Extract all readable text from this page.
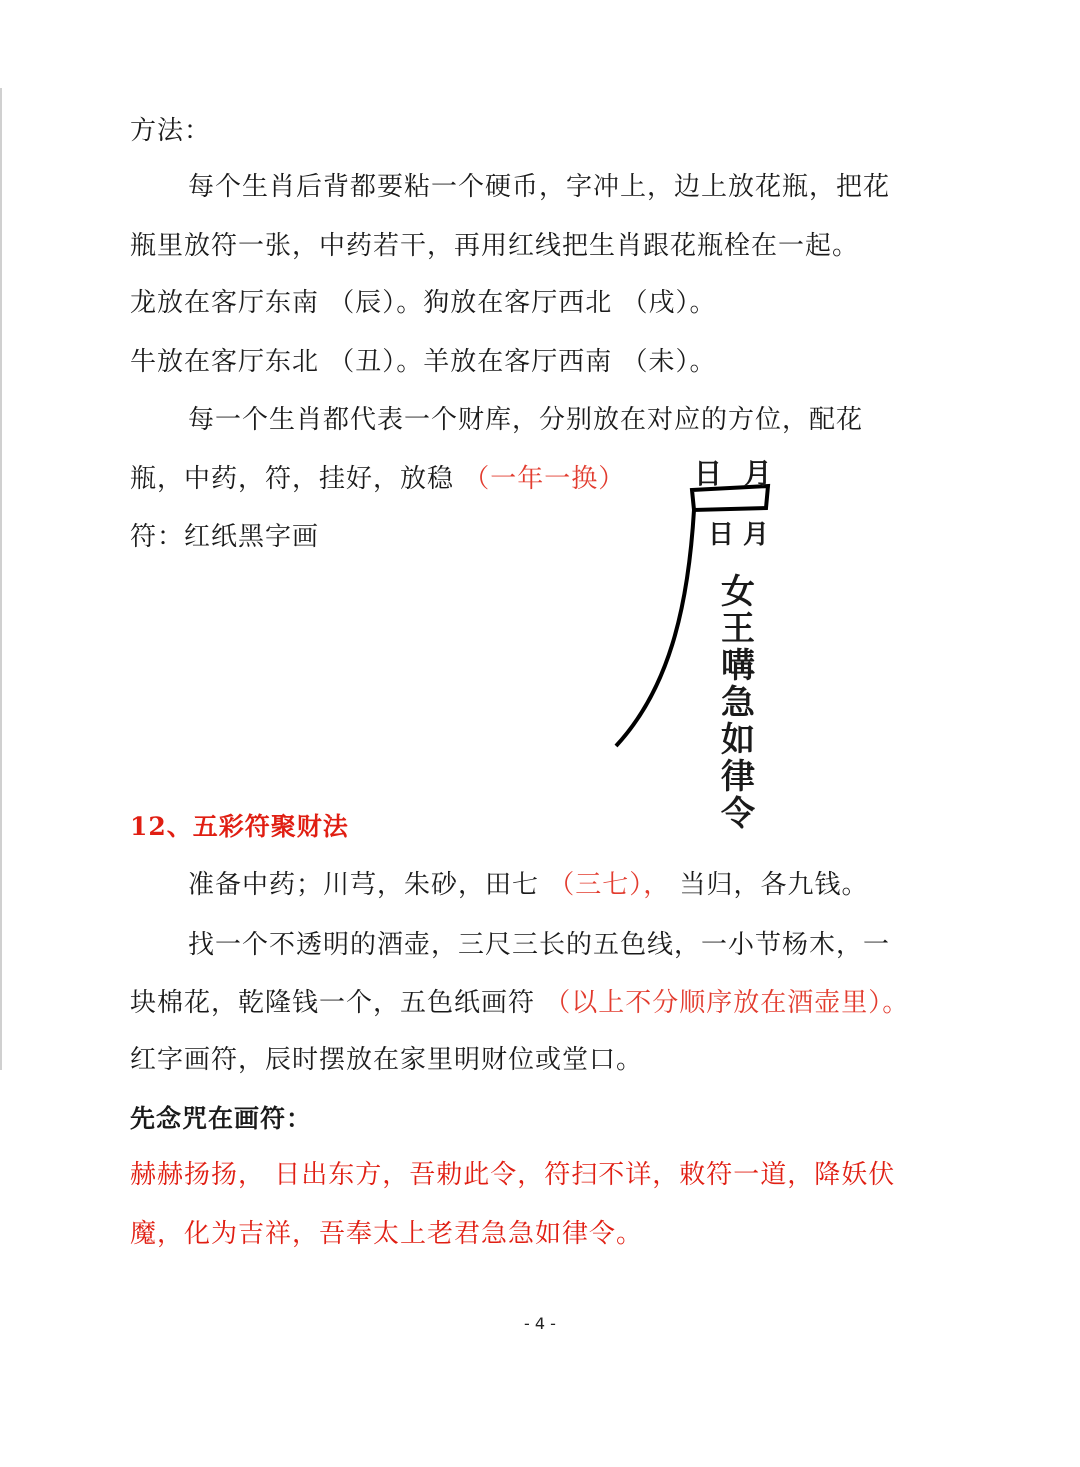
方法：
每个生肖后背都要粘一个硬币，字冲上，边上放花瓶，把花
瓶里放符一张，中药若干，再用红线把生肖跟花瓶栓在一起。
龙放在客厅东南 （辰）。狗放在客厅西北 （戌）。
牛放在客厅东北 （丑）。羊放在客厅西南 （未）。
每一个生肖都代表一个财库，分别放在对应的方位，配花
瓶，中药，符，挂好，放稳 （一年一换）
符：红纸黑字画
日 月
日 月
女
王
㗕
急
如
律
令
12、五彩符聚财法
准备中药；川芎，朱砂，田七 （三七）， 当归，各九钱。
找一个不透明的酒壶，三尺三长的五色线，一小节杨木，一
块棉花，乾隆钱一个，五色纸画符 （以上不分顺序放在酒壶里）。
红字画符，辰时摆放在家里明财位或堂口。
先念咒在画符：
赫赫扬扬， 日出东方，吾勅此令，符扫不详，敕符一道，降妖伏
魔，化为吉祥，吾奉太上老君急急如律令。
- 4 -
